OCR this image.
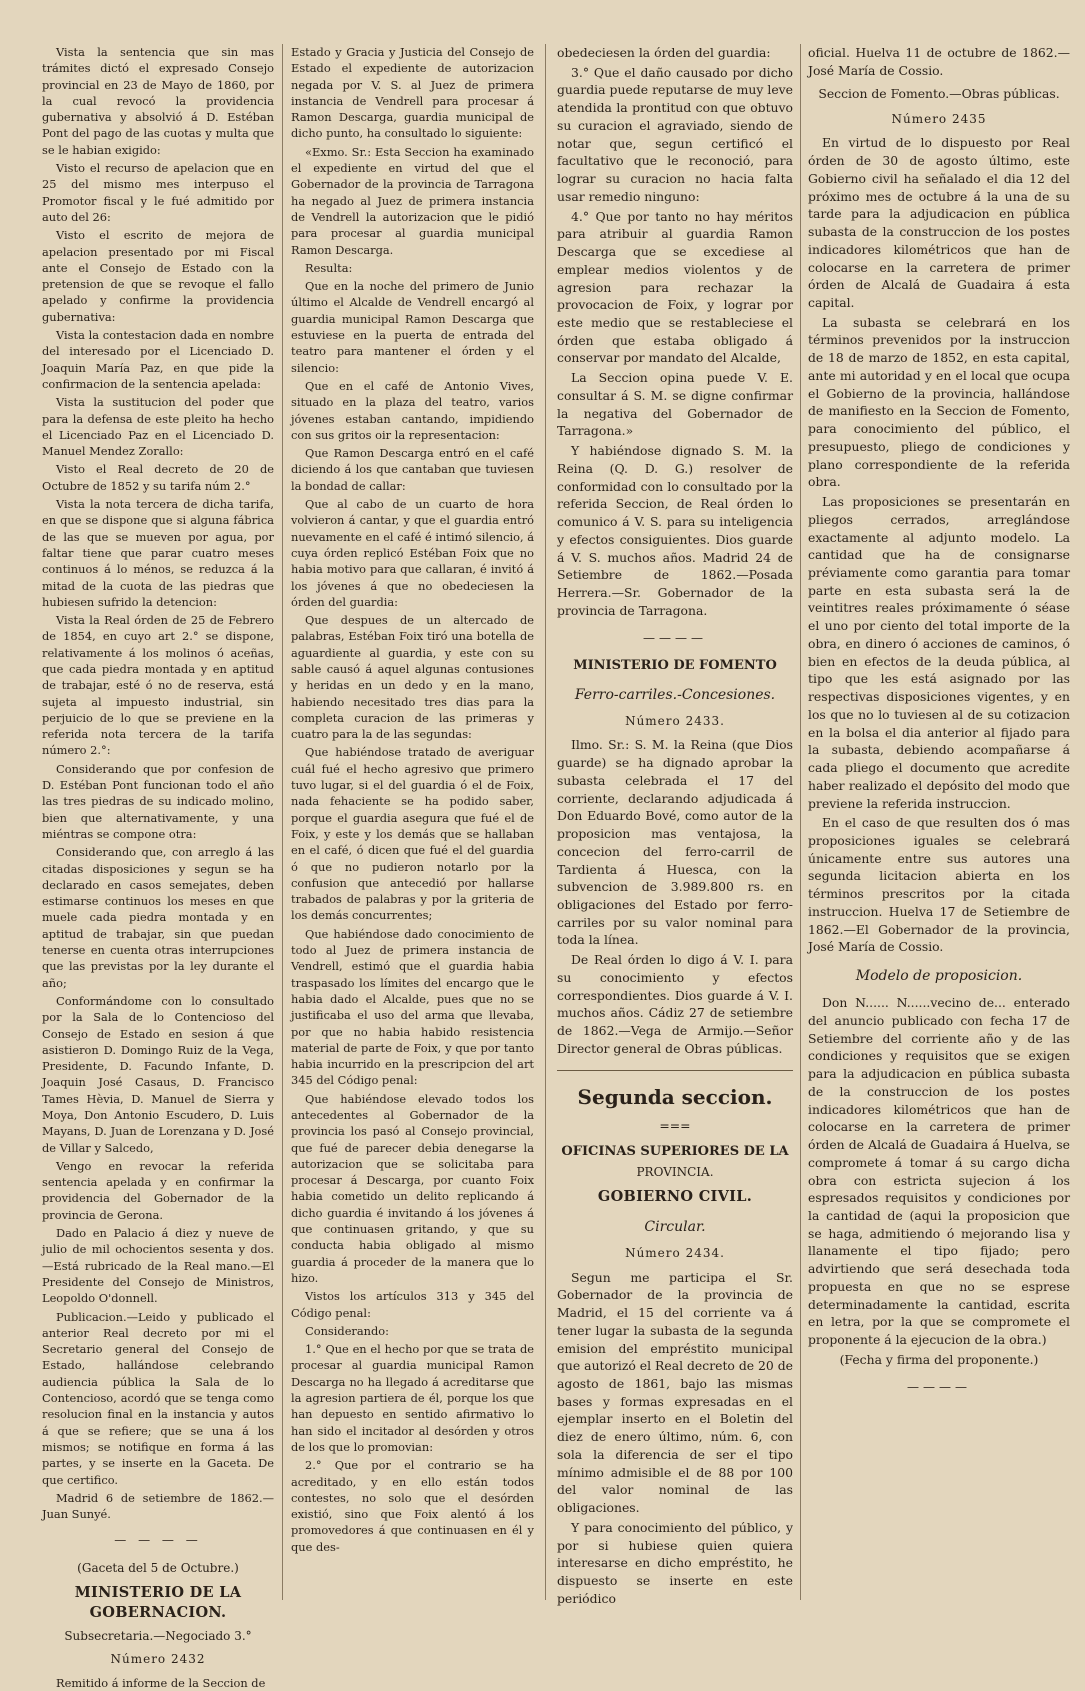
Vista la sentencia que sin mas trámites dictó el expresado Consejo provincial en 23 de Mayo de 1860, por la cual revocó la providencia gubernativa y absolvió á D. Estéban Pont del pago de las cuotas y multa que se le habian exigido:

Visto el recurso de apelacion que en 25 del mismo mes interpuso el Promotor fiscal y le fué admitido por auto del 26:

Visto el escrito de mejora de apelacion presentado por mi Fiscal ante el Consejo de Estado con la pretension de que se revoque el fallo apelado y confirme la providencia gubernativa:

Vista la contestacion dada en nombre del interesado por el Licenciado D. Joaquin María Paz, en que pide la confirmacion de la sentencia apelada:

Vista la sustitucion del poder que para la defensa de este pleito ha hecho el Licenciado Paz en el Licenciado D. Manuel Mendez Zorallo:

Visto el Real decreto de 20 de Octubre de 1852 y su tarifa núm 2.°

Vista la nota tercera de dicha tarifa, en que se dispone que si alguna fábrica de las que se mueven por agua, por faltar tiene que parar cuatro meses continuos á lo ménos, se reduzca á la mitad de la cuota de las piedras que hubiesen sufrido la detencion:

Vista la Real órden de 25 de Febrero de 1854, en cuyo art 2.° se dispone, relativamente á los molinos ó aceñas, que cada piedra montada y en aptitud de trabajar, esté ó no de reserva, está sujeta al impuesto industrial, sin perjuicio de lo que se previene en la referida nota tercera de la tarifa número 2.°:

Considerando que por confesion de D. Estéban Pont funcionan todo el año las tres piedras de su indicado molino, bien que alternativamente, y una miéntras se compone otra:

Considerando que, con arreglo á las citadas disposiciones y segun se ha declarado en casos semejates, deben estimarse continuos los meses en que muele cada piedra montada y en aptitud de trabajar, sin que puedan tenerse en cuenta otras interrupciones que las previstas por la ley durante el año;

Conformándome con lo consultado por la Sala de lo Contencioso del Consejo de Estado en sesion á que asistieron D. Domingo Ruiz de la Vega, Presidente, D. Facundo Infante, D. Joaquin José Casaus, D. Francisco Tames Hèvia, D. Manuel de Sierra y Moya, Don Antonio Escudero, D. Luis Mayans, D. Juan de Lorenzana y D. José de Villar y Salcedo,

Vengo en revocar la referida sentencia apelada y en confirmar la providencia del Gobernador de la provincia de Gerona.

Dado en Palacio á diez y nueve de julio de mil ochocientos sesenta y dos. —Está rubricado de la Real mano.—El Presidente del Consejo de Ministros, Leopoldo O'donnell.

Publicacion.—Leido y publicado el anterior Real decreto por mi el Secretario general del Consejo de Estado, hallándose celebrando audiencia pública la Sala de lo Contencioso, acordó que se tenga como resolucion final en la instancia y autos á que se refiere; que se una á los mismos; se notifique en forma á las partes, y se inserte en la Gaceta. De que certifico.

Madrid 6 de setiembre de 1862.— Juan Sunyé.

— — — —
(Gaceta del 5 de Octubre.)
MINISTERIO DE LA GOBERNACION.
Subsecretaria.—Negociado 3.°
Número 2432

Remitido á informe de la Seccion de

Estado y Gracia y Justicia del Consejo de Estado el expediente de autorizacion negada por V. S. al Juez de primera instancia de Vendrell para procesar á Ramon Descarga, guardia municipal de dicho punto, ha consultado lo siguiente:

«Exmo. Sr.: Esta Seccion ha examinado el expediente en virtud del que el Gobernador de la provincia de Tarragona ha negado al Juez de primera instancia de Vendrell la autorizacion que le pidió para procesar al guardia municipal Ramon Descarga.

Resulta:

Que en la noche del primero de Junio último el Alcalde de Vendrell encargó al guardia municipal Ramon Descarga que estuviese en la puerta de entrada del teatro para mantener el órden y el silencio:

Que en el café de Antonio Vives, situado en la plaza del teatro, varios jóvenes estaban cantando, impidiendo con sus gritos oir la representacion:

Que Ramon Descarga entró en el café diciendo á los que cantaban que tuviesen la bondad de callar:

Que al cabo de un cuarto de hora volvieron á cantar, y que el guardia entró nuevamente en el café é intimó silencio, á cuya órden replicó Estéban Foix que no habia motivo para que callaran, é invitó á los jóvenes á que no obedeciesen la órden del guardia:

Que despues de un altercado de palabras, Estéban Foix tiró una botella de aguardiente al guardia, y este con su sable causó á aquel algunas contusiones y heridas en un dedo y en la mano, habiendo necesitado tres dias para la completa curacion de las primeras y cuatro para la de las segundas:

Que habiéndose tratado de averiguar cuál fué el hecho agresivo que primero tuvo lugar, si el del guardia ó el de Foix, nada fehaciente se ha podido saber, porque el guardia asegura que fué el de Foix, y este y los demás que se hallaban en el café, ó dicen que fué el del guardia ó que no pudieron notarlo por la confusion que antecedió por hallarse trabados de palabras y por la griteria de los demás concurrentes;

Que habiéndose dado conocimiento de todo al Juez de primera instancia de Vendrell, estimó que el guardia habia traspasado los límites del encargo que le habia dado el Alcalde, pues que no se justificaba el uso del arma que llevaba, por que no habia habido resistencia material de parte de Foix, y que por tanto habia incurrido en la prescripcion del art 345 del Código penal:

Que habiéndose elevado todos los antecedentes al Gobernador de la provincia los pasó al Consejo provincial, que fué de parecer debia denegarse la autorizacion que se solicitaba para procesar á Descarga, por cuanto Foix habia cometido un delito replicando á dicho guardia é invitando á los jóvenes á que continuasen gritando, y que su conducta habia obligado al mismo guardia á proceder de la manera que lo hizo.

Vistos los artículos 313 y 345 del Código penal:

Considerando:

1.° Que en el hecho por que se trata de procesar al guardia municipal Ramon Descarga no ha llegado á acreditarse que la agresion partiera de él, porque los que han depuesto en sentido afirmativo lo han sido el incitador al desórden y otros de los que lo promovian:

2.° Que por el contrario se ha acreditado, y en ello están todos contestes, no solo que el desórden existió, sino que Foix alentó á los promovedores á que continuasen en él y que des-

obedeciesen la órden del guardia:

3.° Que el daño causado por dicho guardia puede reputarse de muy leve atendida la prontitud con que obtuvo su curacion el agraviado, siendo de notar que, segun certificó el facultativo que le reconoció, para lograr su curacion no hacia falta usar remedio ninguno:

4.° Que por tanto no hay méritos para atribuir al guardia Ramon Descarga que se excediese al emplear medios violentos y de agresion para rechazar la provocacion de Foix, y lograr por este medio que se restableciese el órden que estaba obligado á conservar por mandato del Alcalde,

La Seccion opina puede V. E. consultar á S. M. se digne confirmar la negativa del Gobernador de Tarragona.»

Y habiéndose dignado S. M. la Reina (Q. D. G.) resolver de conformidad con lo consultado por la referida Seccion, de Real órden lo comunico á V. S. para su inteligencia y efectos consiguientes. Dios guarde á V. S. muchos años. Madrid 24 de Setiembre de 1862.—Posada Herrera.—Sr. Gobernador de la provincia de Tarragona.

————
MINISTERIO DE FOMENTO
Ferro-carriles.-Concesiones.
Número 2433.

Ilmo. Sr.: S. M. la Reina (que Dios guarde) se ha dignado aprobar la subasta celebrada el 17 del corriente, declarando adjudicada á Don Eduardo Bové, como autor de la proposicion mas ventajosa, la concecion del ferro-carril de Tardienta á Huesca, con la subvencion de 3.989.800 rs. en obligaciones del Estado por ferro-carriles por su valor nominal para toda la línea.

De Real órden lo digo á V. I. para su conocimiento y efectos correspondientes. Dios guarde á V. I. muchos años. Cádiz 27 de setiembre de 1862.—Vega de Armijo.—Señor Director general de Obras públicas.

Segunda seccion.
===
OFICINAS SUPERIORES DE LA
PROVINCIA.
GOBIERNO CIVIL.
Circular.
Número 2434.

Segun me participa el Sr. Gobernador de la provincia de Madrid, el 15 del corriente va á tener lugar la subasta de la segunda emision del empréstito municipal que autorizó el Real decreto de 20 de agosto de 1861, bajo las mismas bases y formas expresadas en el ejemplar inserto en el Boletin del diez de enero último, núm. 6, con sola la diferencia de ser el tipo mínimo admisible el de 88 por 100 del valor nominal de las obligaciones.

Y para conocimiento del público, y por si hubiese quien quiera interesarse en dicho empréstito, he dispuesto se inserte en este periódico

oficial. Huelva 11 de octubre de 1862.—José María de Cossio.

Seccion de Fomento.—Obras públicas.
Número 2435

En virtud de lo dispuesto por Real órden de 30 de agosto último, este Gobierno civil ha señalado el dia 12 del próximo mes de octubre á la una de su tarde para la adjudicacion en pública subasta de la construccion de los postes indicadores kilométricos que han de colocarse en la carretera de primer órden de Alcalá de Guadaira á esta capital.

La subasta se celebrará en los términos prevenidos por la instruccion de 18 de marzo de 1852, en esta capital, ante mi autoridad y en el local que ocupa el Gobierno de la provincia, hallándose de manifiesto en la Seccion de Fomento, para conocimiento del público, el presupuesto, pliego de condiciones y plano correspondiente de la referida obra.

Las proposiciones se presentarán en pliegos cerrados, arreglándose exactamente al adjunto modelo. La cantidad que ha de consignarse préviamente como garantia para tomar parte en esta subasta será la de veintitres reales próximamente ó séase el uno por ciento del total importe de la obra, en dinero ó acciones de caminos, ó bien en efectos de la deuda pública, al tipo que les está asignado por las respectivas disposiciones vigentes, y en los que no lo tuviesen al de su cotizacion en la bolsa el dia anterior al fijado para la subasta, debiendo acompañarse á cada pliego el documento que acredite haber realizado el depósito del modo que previene la referida instruccion.

En el caso de que resulten dos ó mas proposiciones iguales se celebrará únicamente entre sus autores una segunda licitacion abierta en los términos prescritos por la citada instruccion. Huelva 17 de Setiembre de 1862.—El Gobernador de la provincia, José María de Cossio.

Modelo de proposicion.

Don N...... N......vecino de... enterado del anuncio publicado con fecha 17 de Setiembre del corriente año y de las condiciones y requisitos que se exigen para la adjudicacion en pública subasta de la construccion de los postes indicadores kilométricos que han de colocarse en la carretera de primer órden de Alcalá de Guadaira á Huelva, se compromete á tomar á su cargo dicha obra con estricta sujecion á los espresados requisitos y condiciones por la cantidad de (aqui la proposicion que se haga, admitiendo ó mejorando lisa y llanamente el tipo fijado; pero advirtiendo que será desechada toda propuesta en que no se esprese determinadamente la cantidad, escrita en letra, por la que se compromete el proponente á la ejecucion de la obra.)

(Fecha y firma del proponente.)
————
